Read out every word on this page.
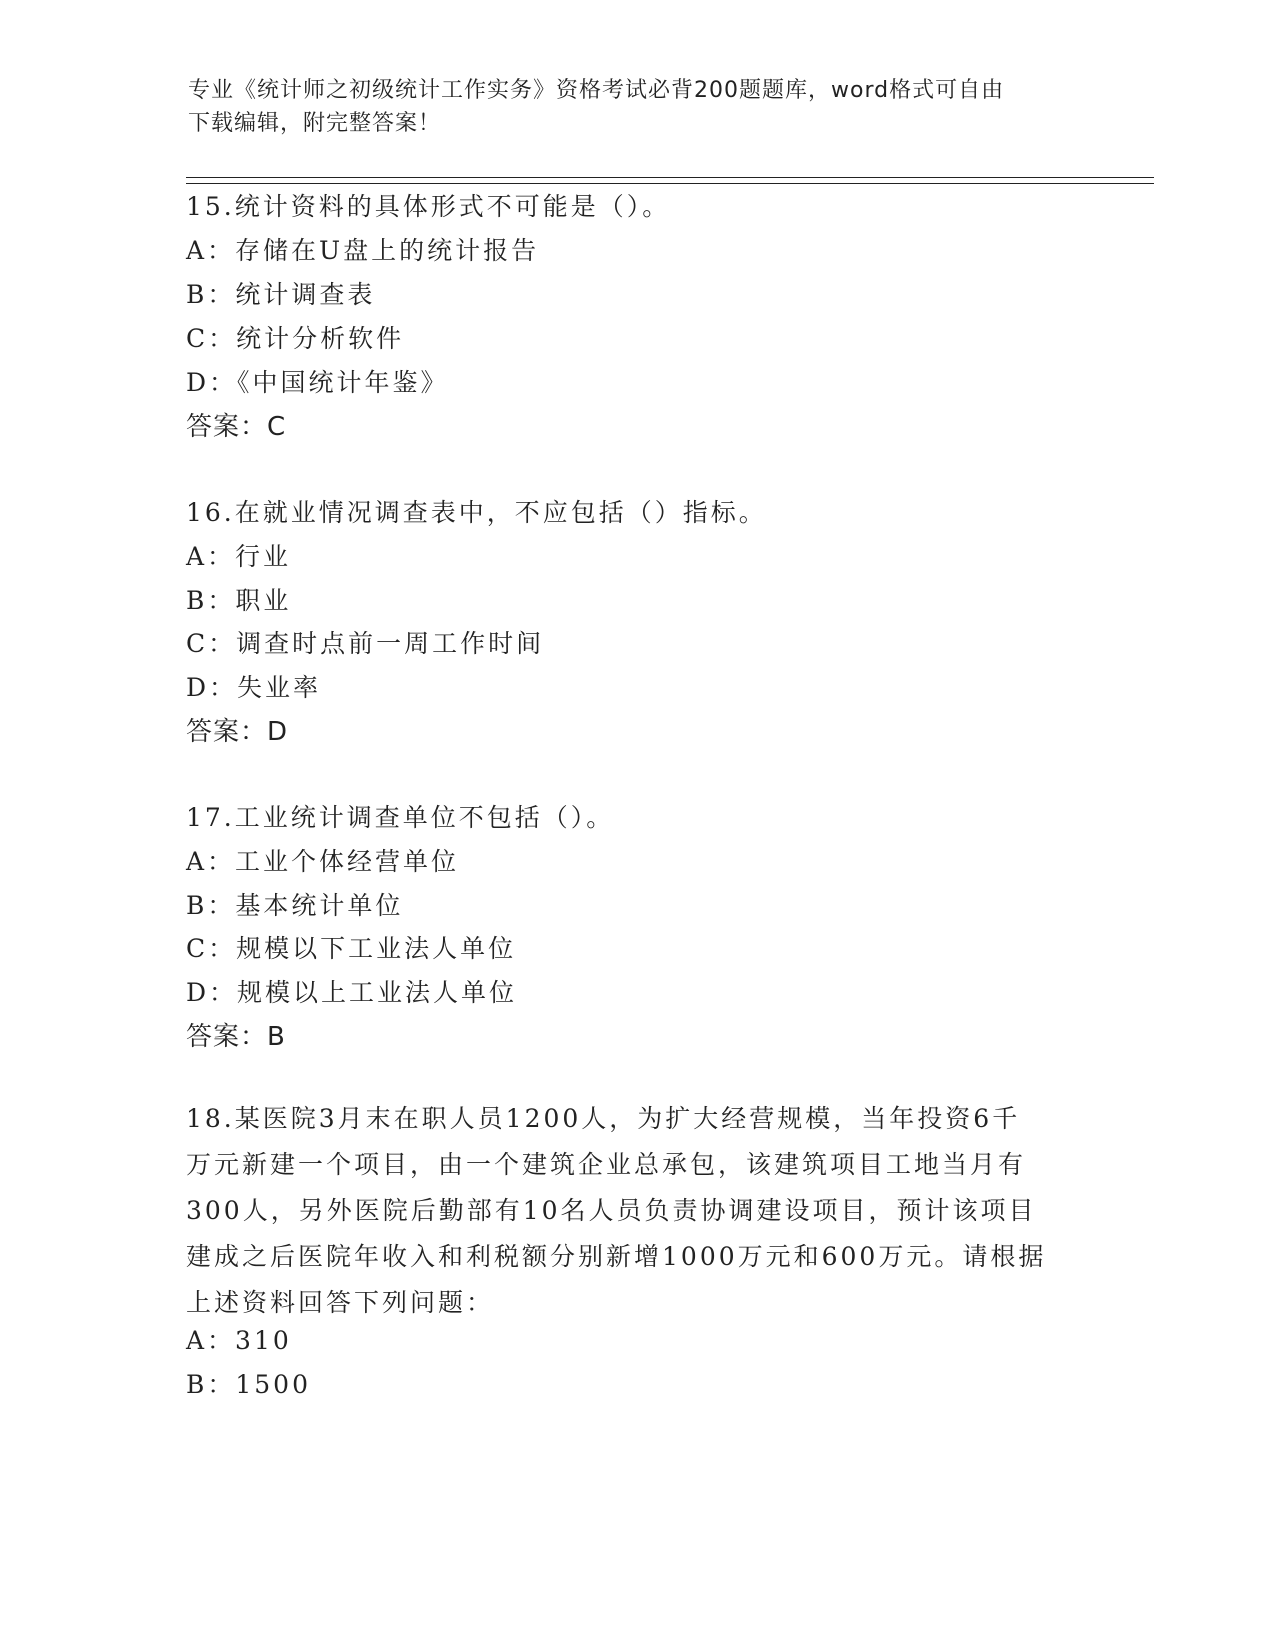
专业《统计师之初级统计工作实务》资格考试必背200题题库，word格式可自由
下载编辑，附完整答案！
15.统计资料的具体形式不可能是（）。
A：存储在U盘上的统计报告
B：统计调查表
C：统计分析软件
D：《中国统计年鉴》
答案：C
16.在就业情况调查表中，不应包括（）指标。
A：行业
B：职业
C：调查时点前一周工作时间
D：失业率
答案：D
17.工业统计调查单位不包括（）。
A：工业个体经营单位
B：基本统计单位
C：规模以下工业法人单位
D：规模以上工业法人单位
答案：B
18.某医院3月末在职人员1200人，为扩大经营规模，当年投资6千
万元新建一个项目，由一个建筑企业总承包，该建筑项目工地当月有
300人，另外医院后勤部有10名人员负责协调建设项目，预计该项目
建成之后医院年收入和利税额分别新增1000万元和600万元。请根据
上述资料回答下列问题：
A：310
B：1500
